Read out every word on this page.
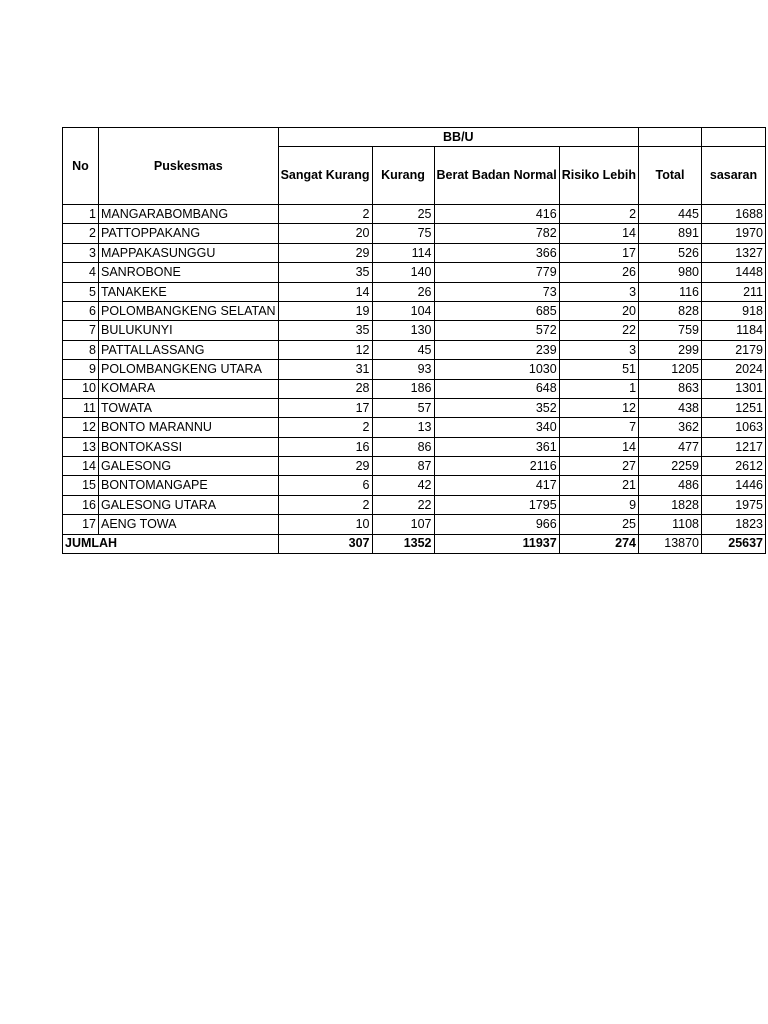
No	Puskesmas	BB/U					
		Sangat Kurang	Kurang	Berat Badan Normal	Risiko Lebih	Total	sasaran
1	MANGARABOMBANG	2	25	416	2	445	1688
2	PATTOPPAKANG	20	75	782	14	891	1970
3	MAPPAKASUNGGU	29	114	366	17	526	1327
4	SANROBONE	35	140	779	26	980	1448
5	TANAKEKE	14	26	73	3	116	211
6	POLOMBANGKENG SELATAN	19	104	685	20	828	918
7	BULUKUNYI	35	130	572	22	759	1184
8	PATTALLASSANG	12	45	239	3	299	2179
9	POLOMBANGKENG UTARA	31	93	1030	51	1205	2024
10	KOMARA	28	186	648	1	863	1301
11	TOWATA	17	57	352	12	438	1251
12	BONTO MARANNU	2	13	340	7	362	1063
13	BONTOKASSI	16	86	361	14	477	1217
14	GALESONG	29	87	2116	27	2259	2612
15	BONTOMANGAPE	6	42	417	21	486	1446
16	GALESONG UTARA	2	22	1795	9	1828	1975
17	AENG TOWA	10	107	966	25	1108	1823
JUMLAH		307	1352	11937	274	13870	25637
